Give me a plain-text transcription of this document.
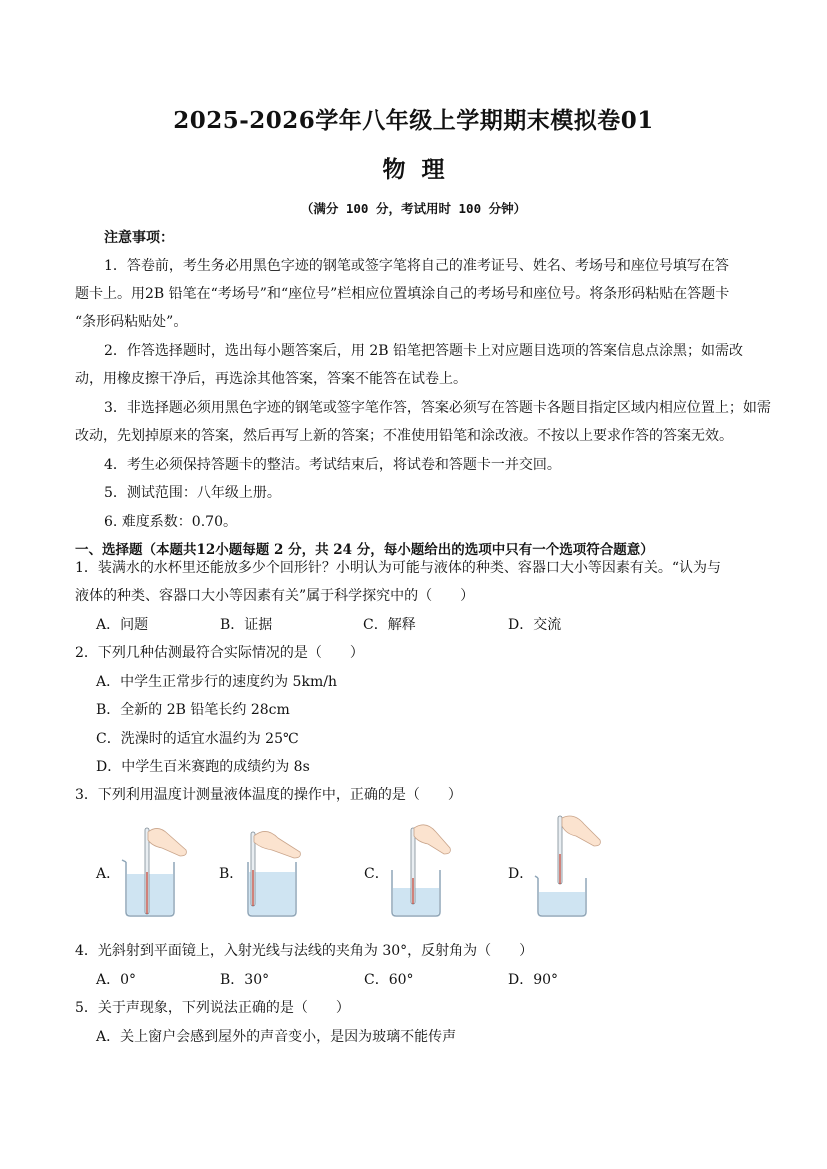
2025-2026学年八年级上学期期末模拟卷01
物  理
（满分 100 分，考试用时 100 分钟）
注意事项：
1．答卷前，考生务必用黑色字迹的钢笔或签字笔将自己的准考证号、姓名、考场号和座位号填写在答
题卡上。用2B 铅笔在“考场号”和“座位号”栏相应位置填涂自己的考场号和座位号。将条形码粘贴在答题卡
“条形码粘贴处”。
2．作答选择题时，选出每小题答案后，用 2B 铅笔把答题卡上对应题目选项的答案信息点涂黑；如需改
动，用橡皮擦干净后，再选涂其他答案，答案不能答在试卷上。
3．非选择题必须用黑色字迹的钢笔或签字笔作答，答案必须写在答题卡各题目指定区域内相应位置上；如需
改动，先划掉原来的答案，然后再写上新的答案；不准使用铅笔和涂改液。不按以上要求作答的答案无效。
4．考生必须保持答题卡的整洁。考试结束后，将试卷和答题卡一并交回。
5．测试范围：八年级上册。
6. 难度系数：0.70。
一、选择题（本题共12小题每题 2 分，共 24 分，每小题给出的选项中只有一个选项符合题意）
1．装满水的水杯里还能放多少个回形针？小明认为可能与液体的种类、容器口大小等因素有关。“认为与
液体的种类、容器口大小等因素有关”属于科学探究中的（　　）
A．问题	B．证据	C．解释	D．交流
2．下列几种估测最符合实际情况的是（　　）
A．中学生正常步行的速度约为 5km/h
B．全新的 2B 铅笔长约 28cm
C．洗澡时的适宜水温约为 25℃
D．中学生百米赛跑的成绩约为 8s
3．下列利用温度计测量液体温度的操作中，正确的是（　　）
A．	B．	C．	D．
4．光斜射到平面镜上，入射光线与法线的夹角为 30°，反射角为（　　）
A．0°	B．30°	C．60°	D．90°
5．关于声现象，下列说法正确的是（　　）
A．关上窗户会感到屋外的声音变小，是因为玻璃不能传声
